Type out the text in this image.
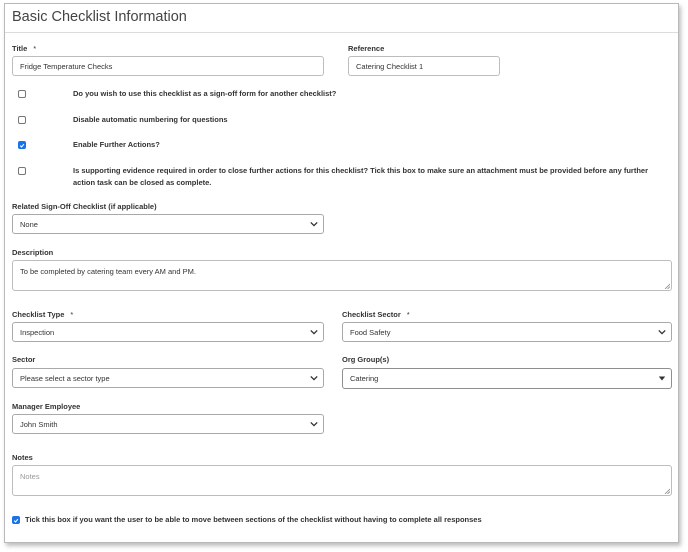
Basic Checklist Information
Title *
Fridge Temperature Checks
Reference
Catering Checklist 1
Do you wish to use this checklist as a sign-off form for another checklist?
Disable automatic numbering for questions
Enable Further Actions?
Is supporting evidence required in order to close further actions for this checklist? Tick this box to make sure an attachment must be provided before any further action task can be closed as complete.
Related Sign-Off Checklist (if applicable)
None
Description
To be completed by catering team every AM and PM.
Checklist Type *
Inspection
Checklist Sector *
Food Safety
Sector
Please select a sector type
Org Group(s)
Catering
Manager Employee
John Smith
Notes
Notes
Tick this box if you want the user to be able to move between sections of the checklist without having to complete all responses
